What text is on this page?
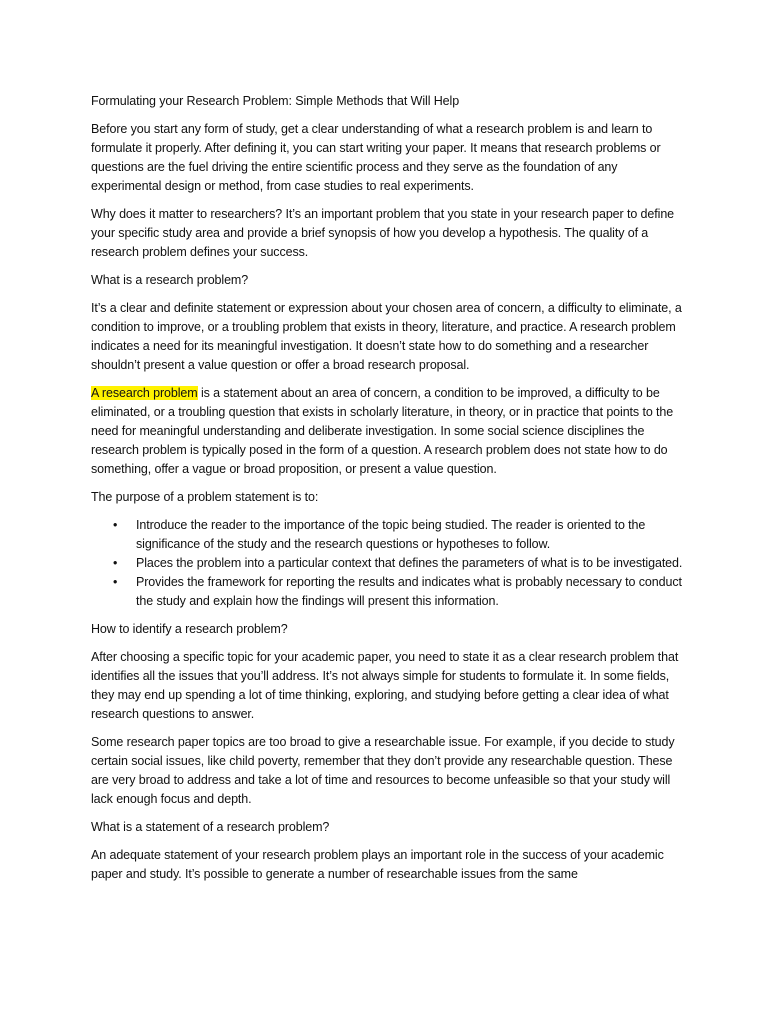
Formulating your Research Problem: Simple Methods that Will Help

Before you start any form of study, get a clear understanding of what a research problem is and learn to formulate it properly. After defining it, you can start writing your paper. It means that research problems or questions are the fuel driving the entire scientific process and they serve as the foundation of any experimental design or method, from case studies to real experiments.

Why does it matter to researchers? It’s an important problem that you state in your research paper to define your specific study area and provide a brief synopsis of how you develop a hypothesis. The quality of a research problem defines your success.

What is a research problem?

It’s a clear and definite statement or expression about your chosen area of concern, a difficulty to eliminate, a condition to improve, or a troubling problem that exists in theory, literature, and practice. A research problem indicates a need for its meaningful investigation. It doesn’t state how to do something and a researcher shouldn’t present a value question or offer a broad research proposal.

A research problem is a statement about an area of concern, a condition to be improved, a difficulty to be eliminated, or a troubling question that exists in scholarly literature, in theory, or in practice that points to the need for meaningful understanding and deliberate investigation. In some social science disciplines the research problem is typically posed in the form of a question. A research problem does not state how to do something, offer a vague or broad proposition, or present a value question.

The purpose of a problem statement is to:

• Introduce the reader to the importance of the topic being studied. The reader is oriented to the significance of the study and the research questions or hypotheses to follow.
• Places the problem into a particular context that defines the parameters of what is to be investigated.
• Provides the framework for reporting the results and indicates what is probably necessary to conduct the study and explain how the findings will present this information.

How to identify a research problem?

After choosing a specific topic for your academic paper, you need to state it as a clear research problem that identifies all the issues that you’ll address. It’s not always simple for students to formulate it. In some fields, they may end up spending a lot of time thinking, exploring, and studying before getting a clear idea of what research questions to answer.

Some research paper topics are too broad to give a researchable issue. For example, if you decide to study certain social issues, like child poverty, remember that they don’t provide any researchable question. These are very broad to address and take a lot of time and resources to become unfeasible so that your study will lack enough focus and depth.

What is a statement of a research problem?

An adequate statement of your research problem plays an important role in the success of your academic paper and study. It’s possible to generate a number of researchable issues from the same
